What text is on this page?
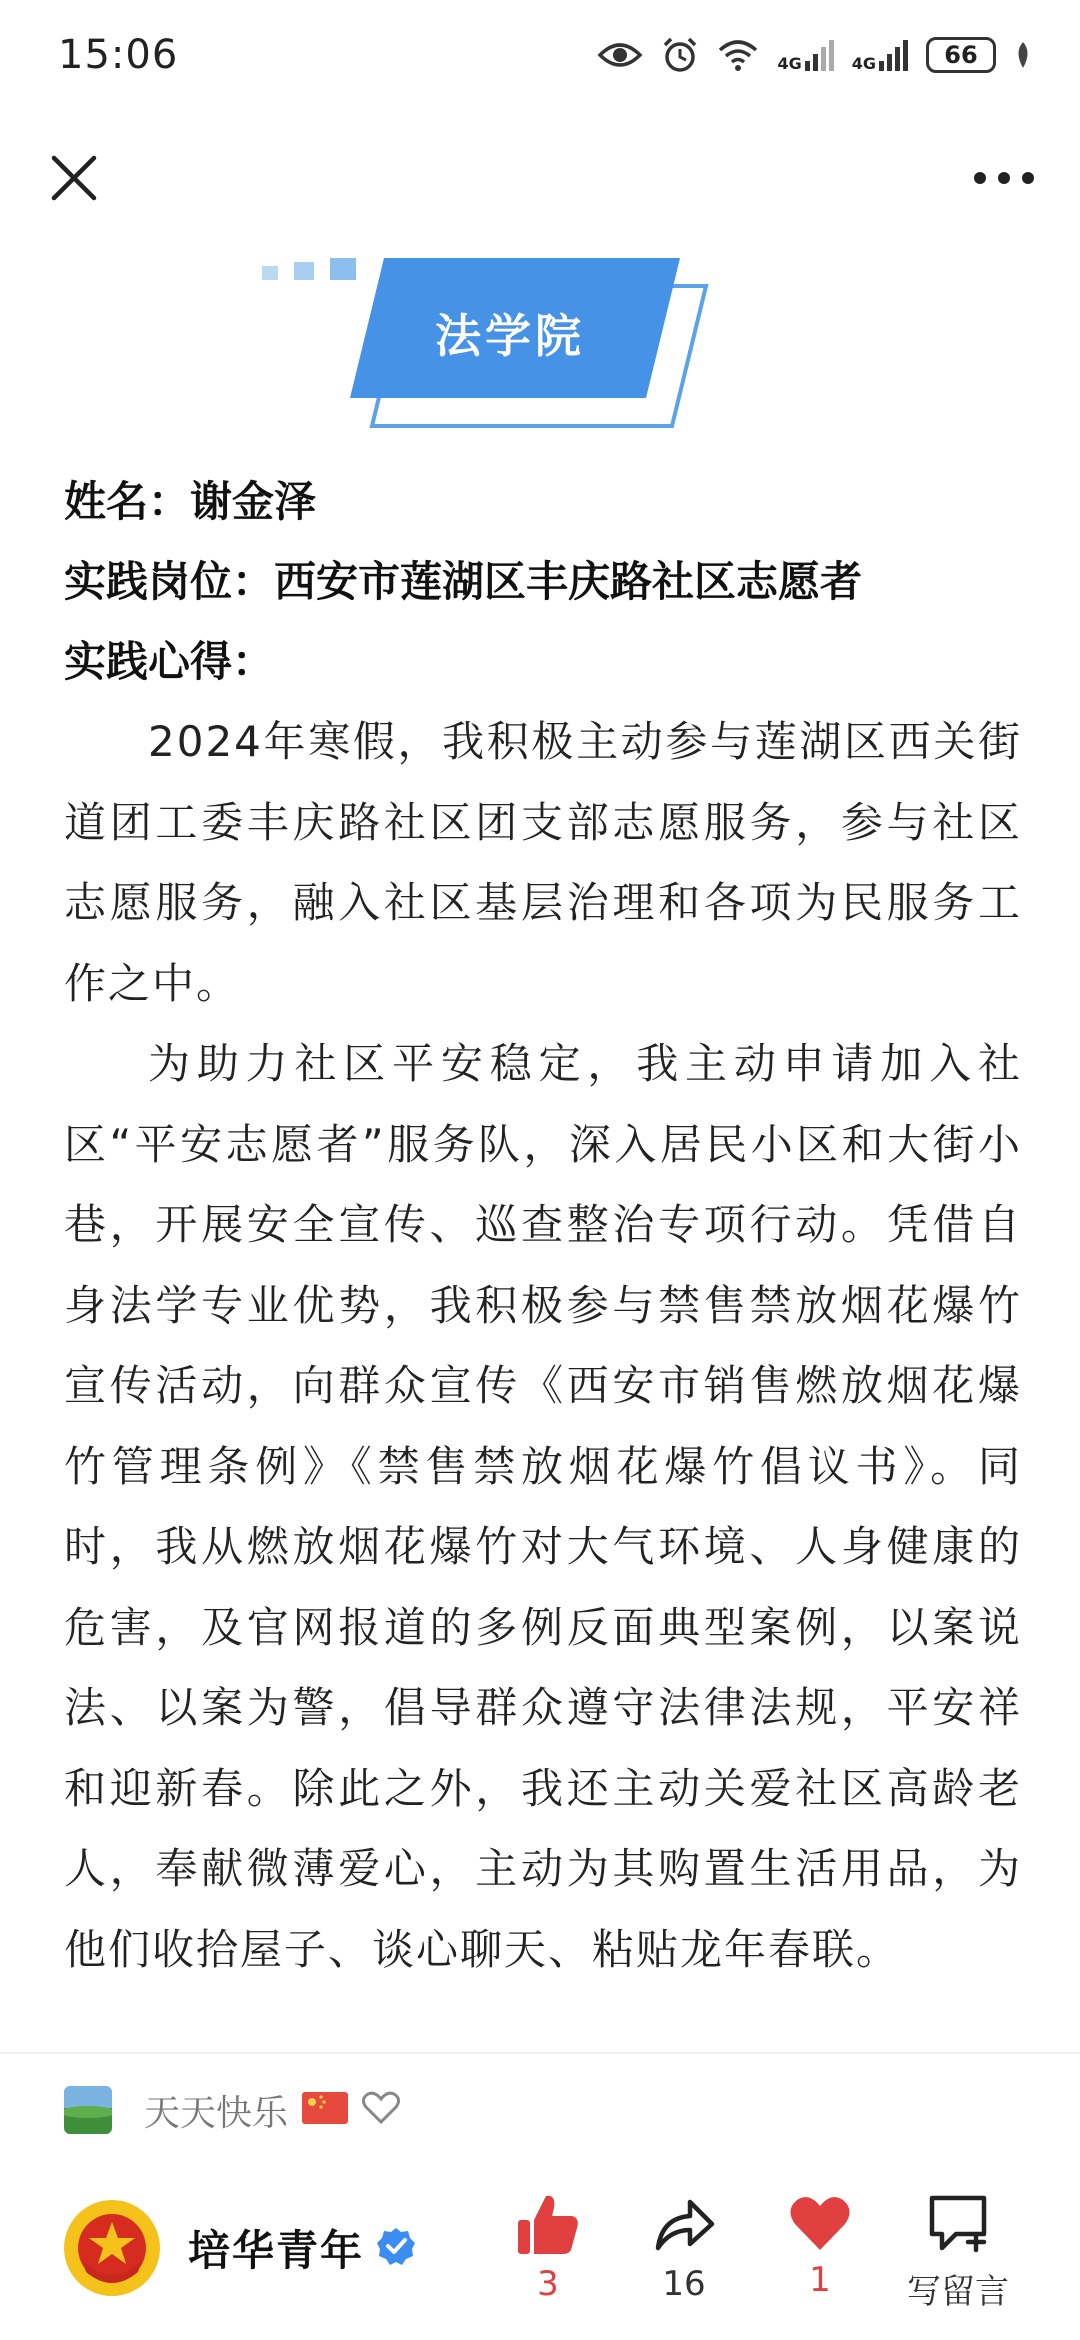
15:06	4G	4G	66
法学院
姓名：谢金泽
实践岗位：西安市莲湖区丰庆路社区志愿者
实践心得：

2024年寒假，我积极主动参与莲湖区西关街道团工委丰庆路社区团支部志愿服务，参与社区志愿服务，融入社区基层治理和各项为民服务工作之中。

为助力社区平安稳定，我主动申请加入社区“平安志愿者”服务队，深入居民小区和大街小巷，开展安全宣传、巡查整治专项行动。凭借自身法学专业优势，我积极参与禁售禁放烟花爆竹宣传活动，向群众宣传《西安市销售燃放烟花爆竹管理条例》《禁售禁放烟花爆竹倡议书》。同时，我从燃放烟花爆竹对大气环境、人身健康的危害，及官网报道的多例反面典型案例，以案说法、以案为警，倡导群众遵守法律法规，平安祥和迎新春。除此之外，我还主动关爱社区高龄老人，奉献微薄爱心，主动为其购置生活用品，为他们收拾屋子、谈心聊天、粘贴龙年春联。

天天快乐
培华青年
3	16	1 写留言
